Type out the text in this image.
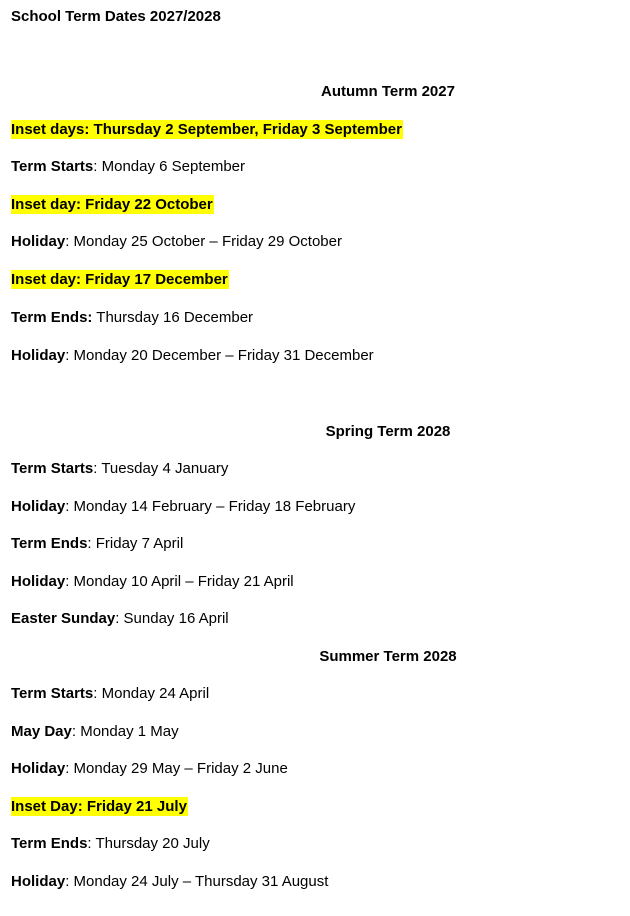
School Term Dates 2027/2028
Autumn Term 2027
Inset days: Thursday 2 September, Friday 3 September
Term Starts: Monday 6 September
Inset day: Friday 22 October
Holiday: Monday 25 October – Friday 29 October
Inset day: Friday 17 December
Term Ends: Thursday 16 December
Holiday: Monday 20 December – Friday 31 December
Spring Term 2028
Term Starts: Tuesday 4 January
Holiday: Monday 14 February – Friday 18 February
Term Ends: Friday 7 April
Holiday: Monday 10 April – Friday 21 April
Easter Sunday: Sunday 16 April
Summer Term 2028
Term Starts: Monday 24 April
May Day: Monday 1 May
Holiday: Monday 29 May – Friday 2 June
Inset Day: Friday 21 July
Term Ends: Thursday 20 July
Holiday: Monday 24 July – Thursday 31 August
